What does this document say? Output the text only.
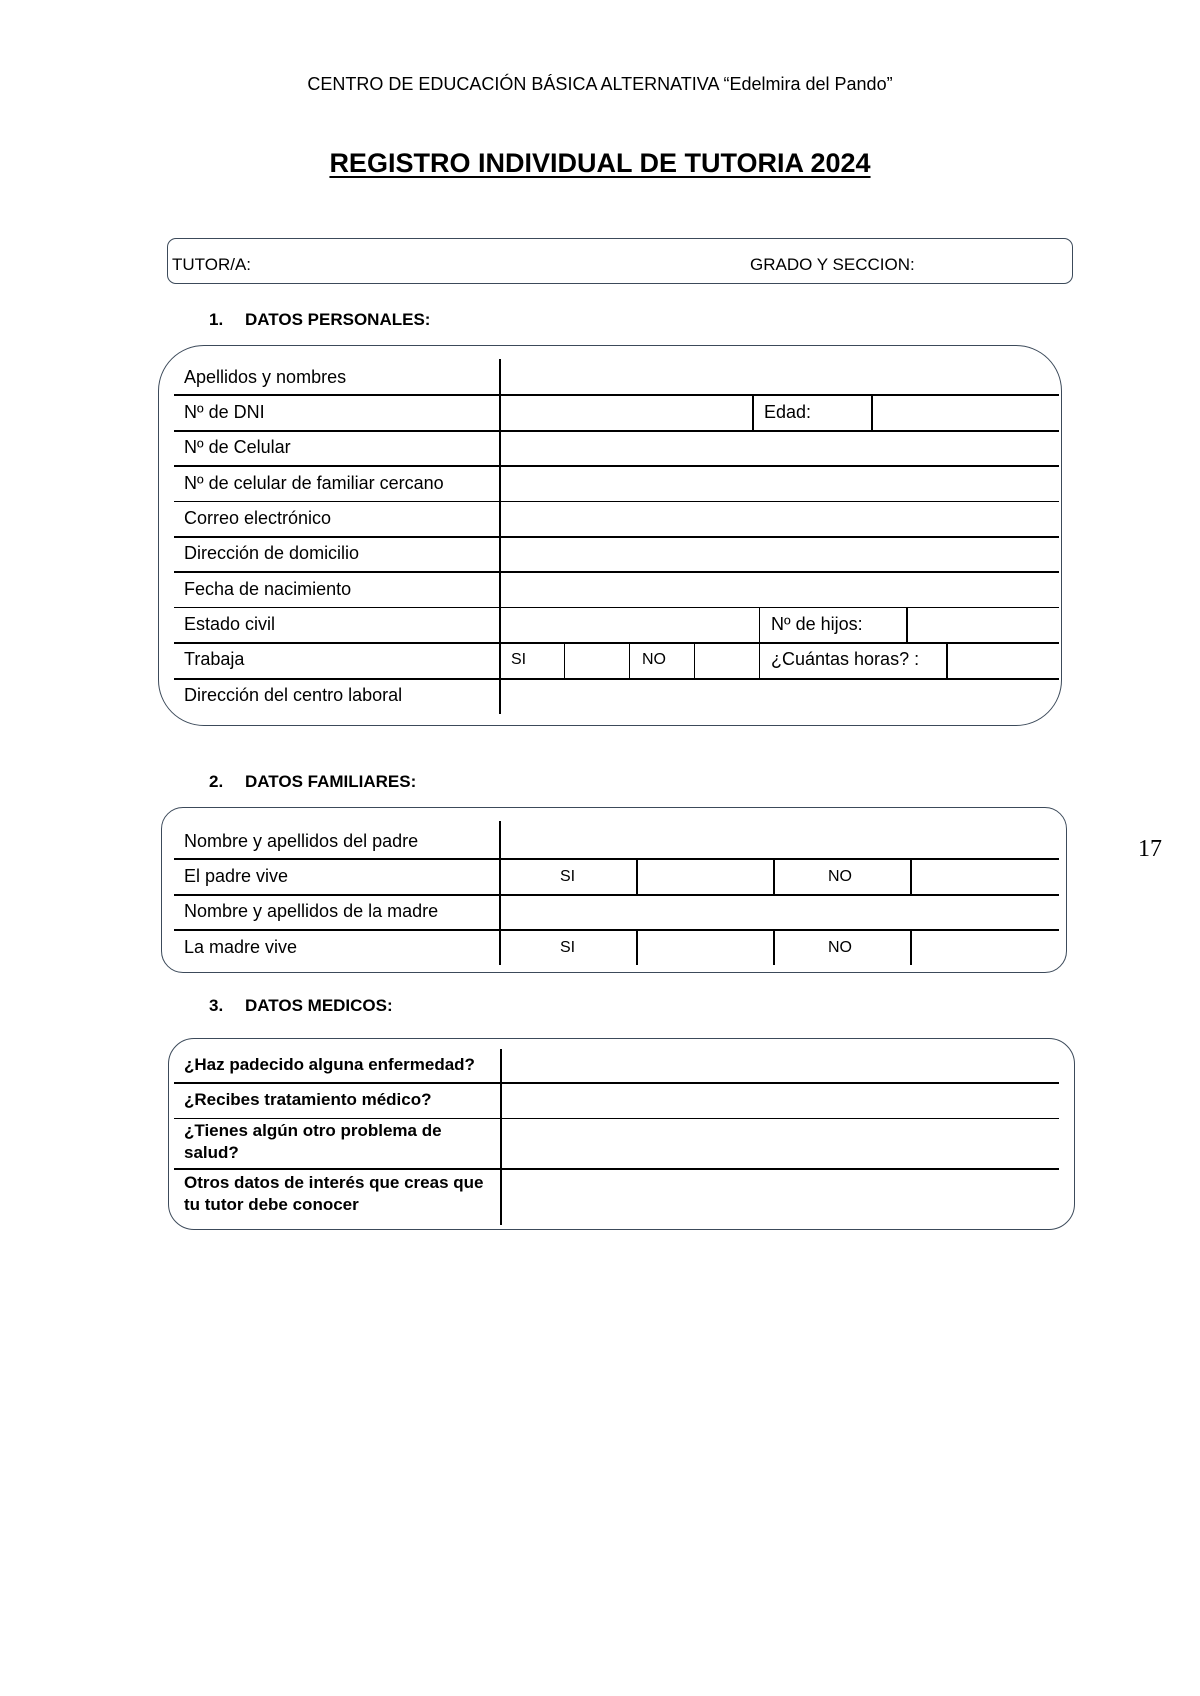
CENTRO DE EDUCACIÓN BÁSICA ALTERNATIVA “Edelmira del Pando”
REGISTRO INDIVIDUAL DE TUTORIA 2024
TUTOR/A:	GRADO Y SECCION:
1. DATOS PERSONALES:
Apellidos y nombres
Nº de DNI	Edad:
Nº de Celular
Nº de celular de familiar cercano
Correo electrónico
Dirección de domicilio
Fecha de nacimiento
Estado civil	Nº de hijos:
Trabaja	SI	NO	¿Cuántas horas? :
Dirección del centro laboral
2. DATOS FAMILIARES:
Nombre y apellidos del padre
El padre vive	SI	NO
Nombre y apellidos de la madre
La madre vive	SI	NO
17
3. DATOS MEDICOS:
¿Haz padecido alguna enfermedad?
¿Recibes tratamiento médico?
¿Tienes algún otro problema de salud?
Otros datos de interés que creas que tu tutor debe conocer
